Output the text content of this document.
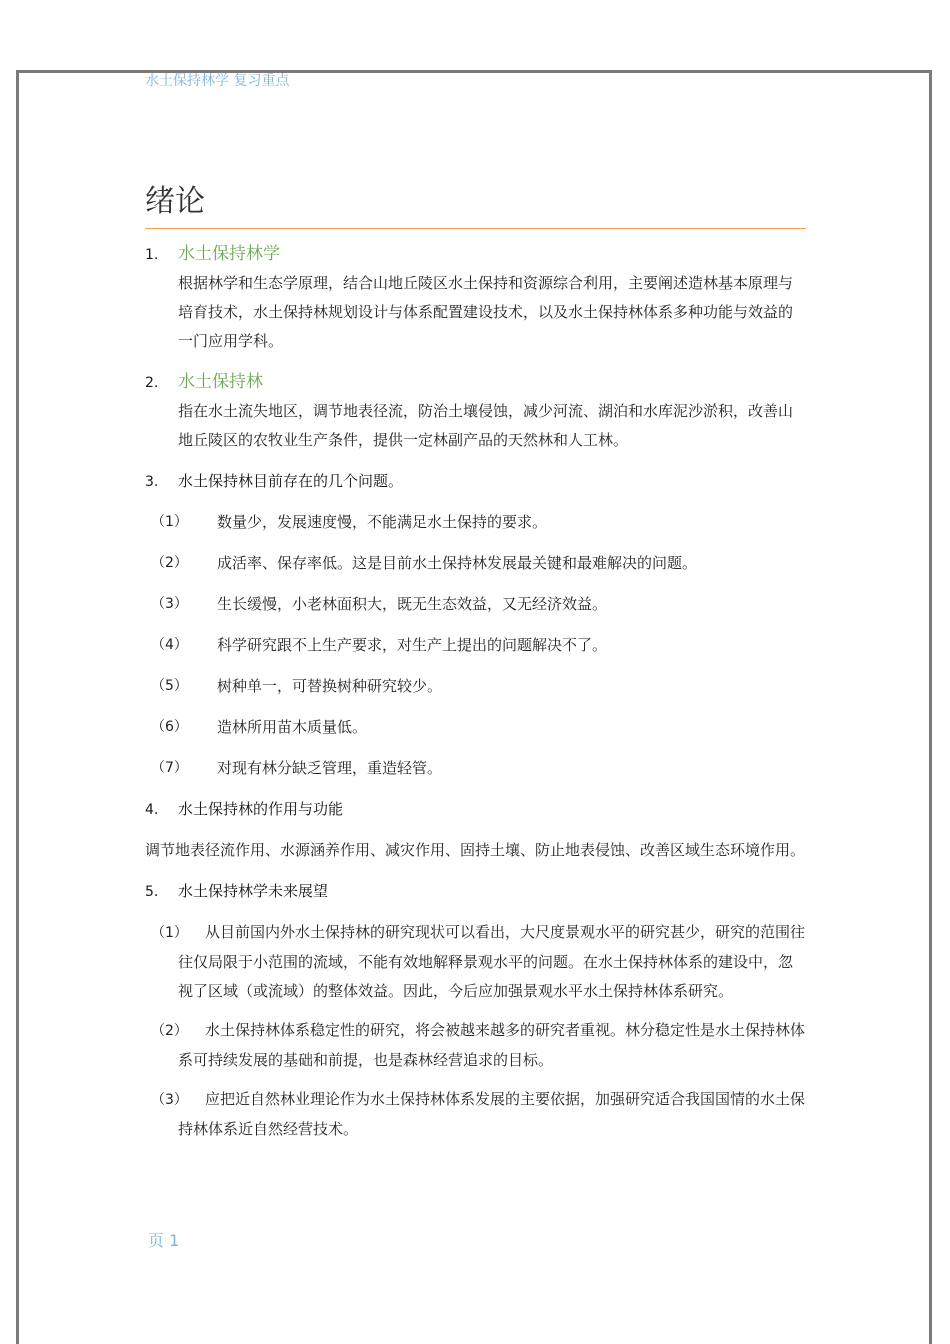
水土保持林学 复习重点
绪论
1. 水土保持林学

根据林学和生态学原理，结合山地丘陵区水土保持和资源综合利用，主要阐述造林基本原理与培育技术，水土保持林规划设计与体系配置建设技术，以及水土保持林体系多种功能与效益的一门应用学科。

2. 水土保持林

指在水土流失地区，调节地表径流，防治土壤侵蚀，减少河流、湖泊和水库泥沙淤积，改善山地丘陵区的农牧业生产条件，提供一定林副产品的天然林和人工林。

3. 水土保持林目前存在的几个问题。
（1）	数量少，发展速度慢，不能满足水土保持的要求。
（2）	成活率、保存率低。这是目前水土保持林发展最关键和最难解决的问题。
（3）	生长缓慢，小老林面积大，既无生态效益，又无经济效益。
（4）	科学研究跟不上生产要求，对生产上提出的问题解决不了。
（5）	树种单一，可替换树种研究较少。
（6）	造林所用苗木质量低。
（7）	对现有林分缺乏管理，重造轻管。
4. 水土保持林的作用与功能

调节地表径流作用、水源涵养作用、减灾作用、固持土壤、防止地表侵蚀、改善区域生态环境作用。

5. 水土保持林学未来展望

（1） 从目前国内外水土保持林的研究现状可以看出，大尺度景观水平的研究甚少，研究的范围往往仅局限于小范围的流域，不能有效地解释景观水平的问题。在水土保持林体系的建设中，忽视了区域（或流域）的整体效益。因此，今后应加强景观水平水土保持林体系研究。

（2） 水土保持林体系稳定性的研究，将会被越来越多的研究者重视。林分稳定性是水土保持林体系可持续发展的基础和前提，也是森林经营追求的目标。

（3） 应把近自然林业理论作为水土保持林体系发展的主要依据，加强研究适合我国国情的水土保持林体系近自然经营技术。

页 1
